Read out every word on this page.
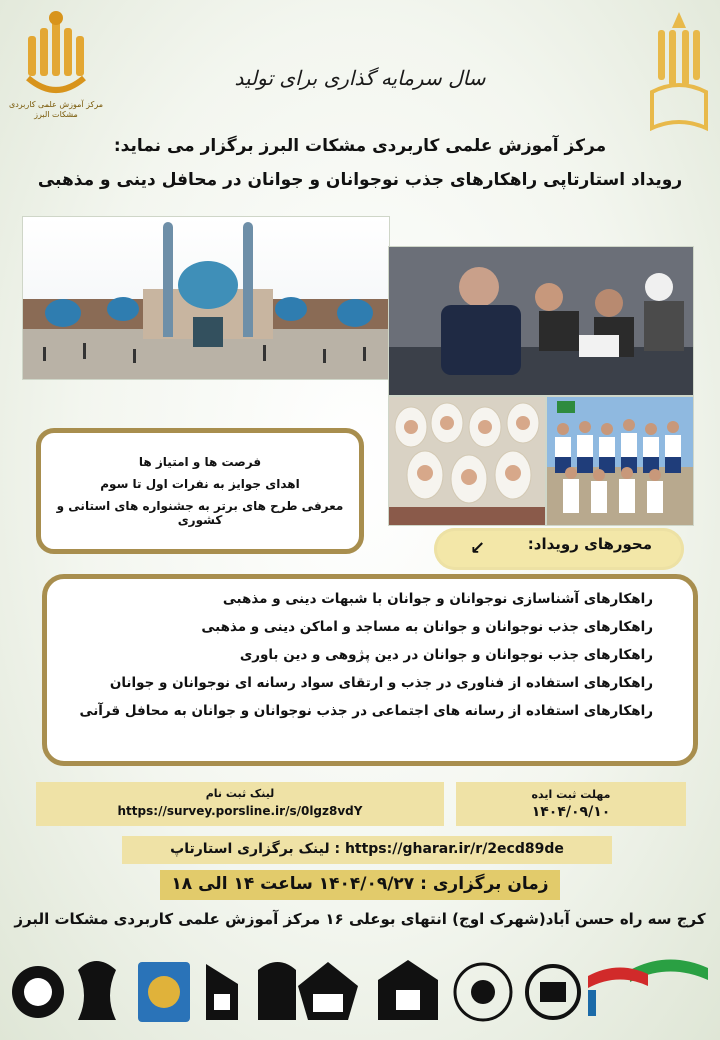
مرکز آموزش علمی کاربردی
مشکات البرز
سال سرمایه گذاری برای تولید
مرکز آموزش علمی کاربردی مشکات البرز برگزار می نماید:
رویداد استارتاپی راهکارهای جذب نوجوانان و جوانان در محافل دینی و مذهبی
فرصت ها و امتیاز ها
اهدای جوایز به نفرات اول تا سوم
معرفی طرح های برتر به جشنواره های استانی و کشوری
محورهای رویداد:
↙
راهکارهای آشناسازی نوجوانان و جوانان با شبهات دینی و مذهبی
راهکارهای جذب نوجوانان و جوانان به مساجد و اماکن دینی و مذهبی
راهکارهای جذب نوجوانان و جوانان در دین پژوهی و دین باوری
راهکارهای استفاده از فناوری در جذب و ارتقای سواد رسانه ای نوجوانان و جوانان
راهکارهای استفاده از رسانه های اجتماعی در جذب نوجوانان و جوانان به محافل قرآنی
لینک ثبت نام
https://survey.porsline.ir/s/0lgz8vdY
مهلت ثبت ایده
۱۴۰۴/۰۹/۱۰
https://gharar.ir/r/2ecd89de : لینک برگزاری استارتاپ
زمان برگزاری : ۱۴۰۴/۰۹/۲۷ ساعت ۱۴ الی ۱۸
کرج سه راه حسن آباد(شهرک اوج) انتهای بوعلی ۱۶ مرکز آموزش علمی کاربردی مشکات البرز
